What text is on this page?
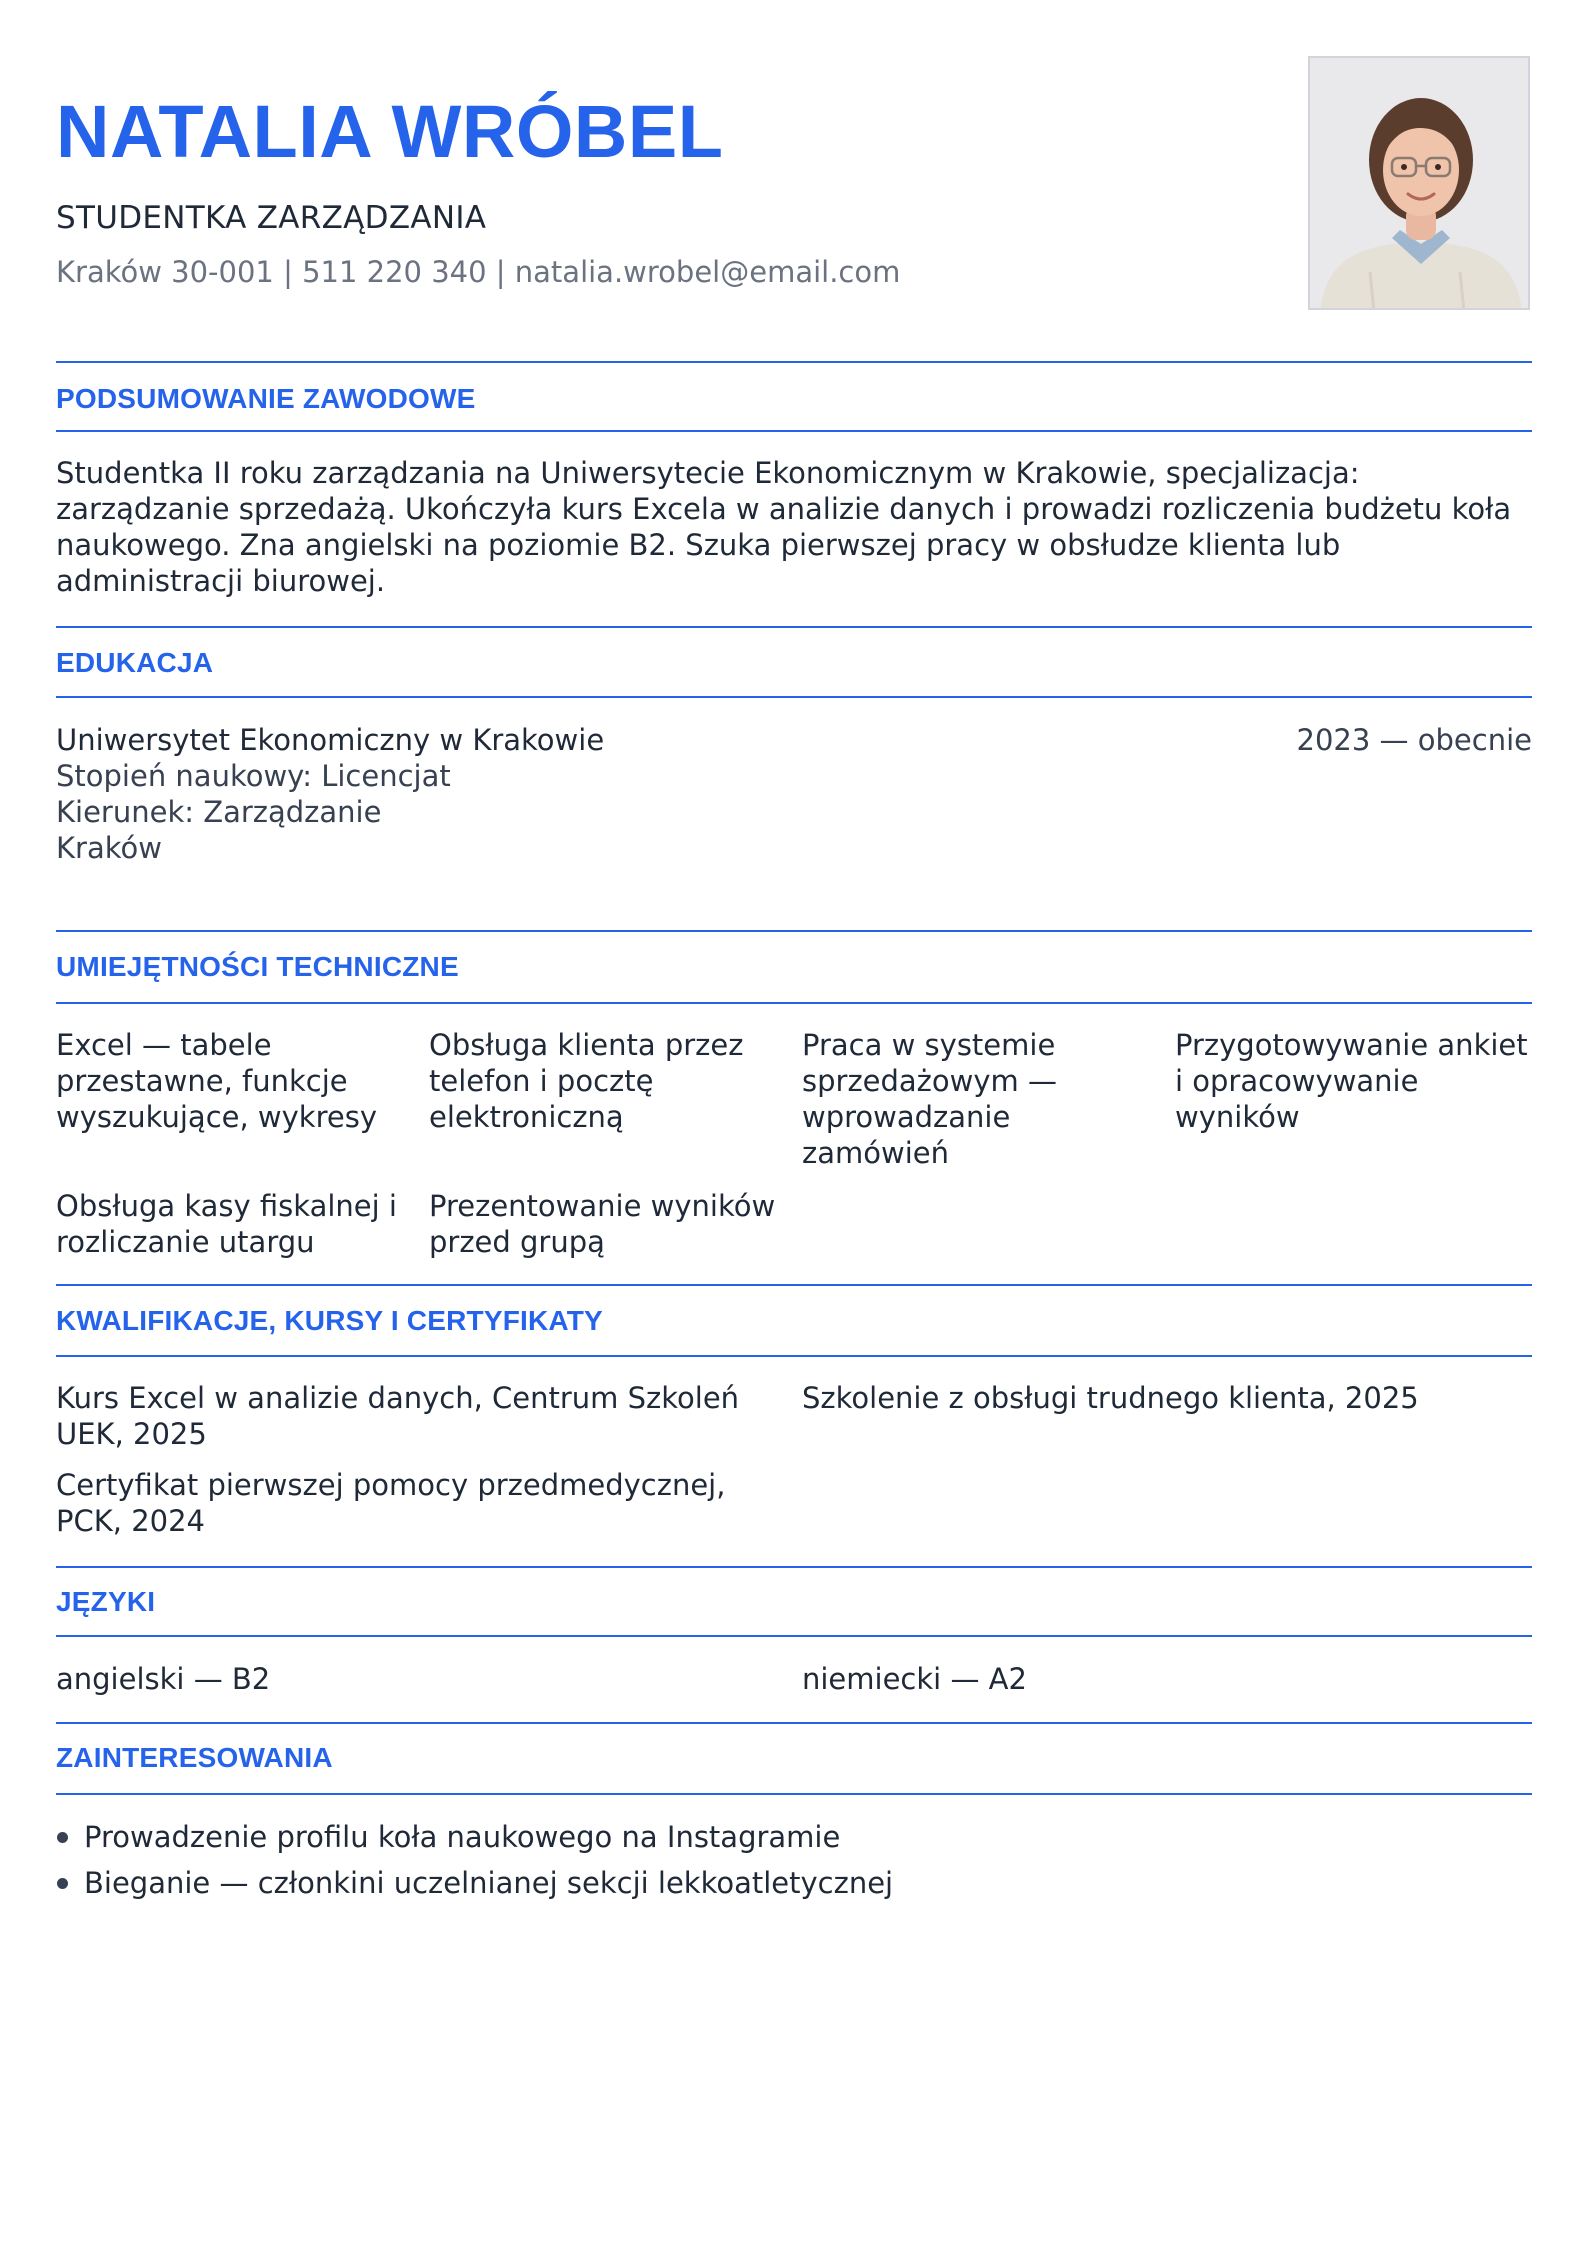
NATALIA WRÓBEL
STUDENTKA ZARZĄDZANIA
Kraków 30-001 | 511 220 340 | natalia.wrobel@email.com
PODSUMOWANIE ZAWODOWE
Studentka II roku zarządzania na Uniwersytecie Ekonomicznym w Krakowie, specjalizacja:
zarządzanie sprzedażą. Ukończyła kurs Excela w analizie danych i prowadzi rozliczenia budżetu koła
naukowego. Zna angielski na poziomie B2. Szuka pierwszej pracy w obsłudze klienta lub
administracji biurowej.
EDUKACJA
Uniwersytet Ekonomiczny w Krakowie
Stopień naukowy: Licencjat
Kierunek: Zarządzanie
Kraków
2023 — obecnie
UMIEJĘTNOŚCI TECHNICZNE
Excel — tabele
przestawne, funkcje
wyszukujące, wykresy
Obsługa klienta przez
telefon i pocztę
elektroniczną
Praca w systemie
sprzedażowym —
wprowadzanie
zamówień
Przygotowywanie ankiet
i opracowywanie
wyników
Obsługa kasy fiskalnej i
rozliczanie utargu
Prezentowanie wyników
przed grupą
KWALIFIKACJE, KURSY I CERTYFIKATY
Kurs Excel w analizie danych, Centrum Szkoleń
UEK, 2025
Szkolenie z obsługi trudnego klienta, 2025
Certyfikat pierwszej pomocy przedmedycznej,
PCK, 2024
JĘZYKI
angielski — B2	niemiecki — A2
ZAINTERESOWANIA
Prowadzenie profilu koła naukowego na Instagramie
Bieganie — członkini uczelnianej sekcji lekkoatletycznej
